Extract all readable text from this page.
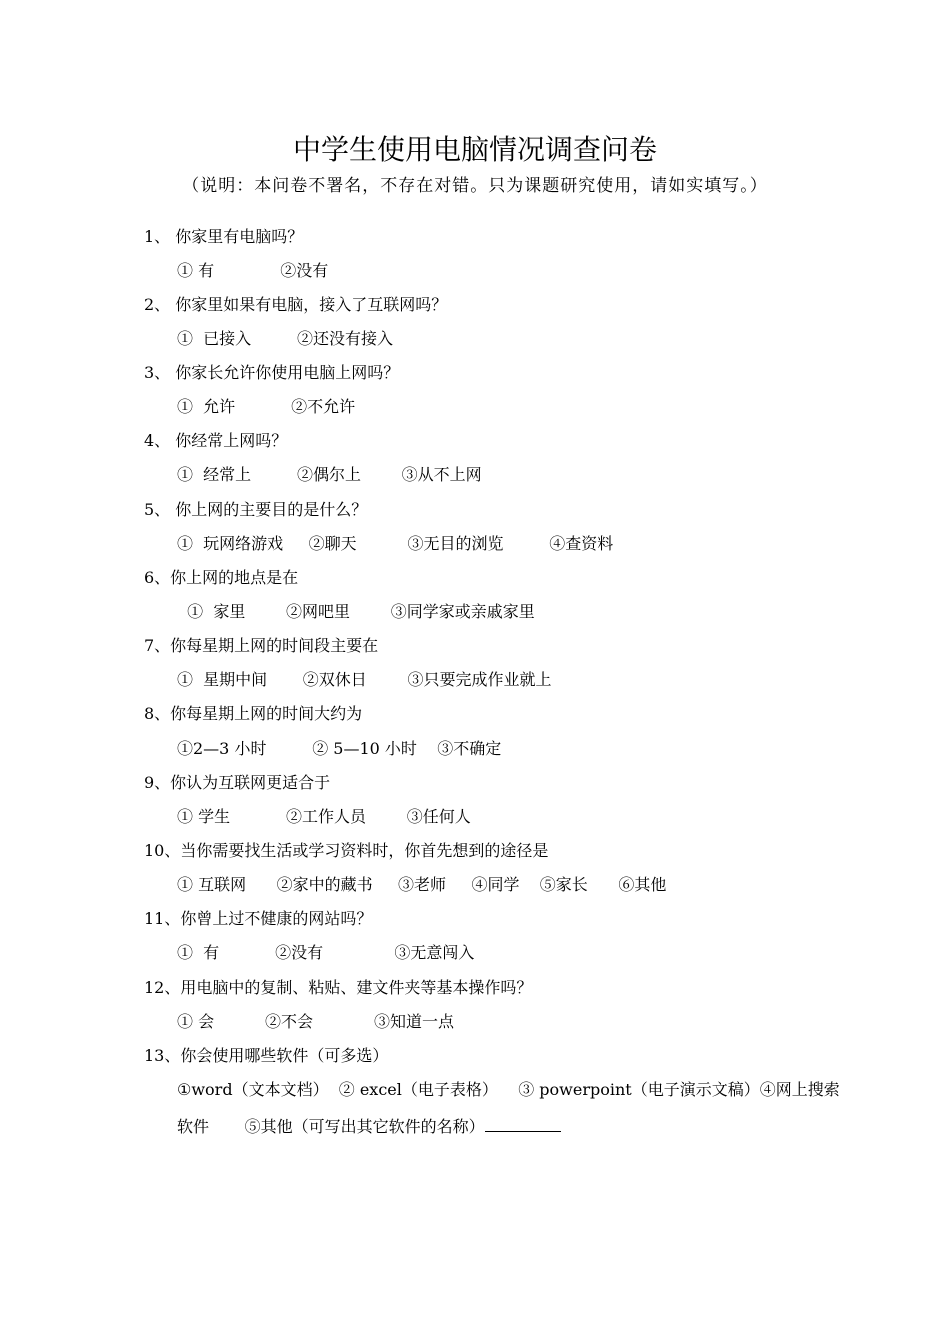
中学生使用电脑情况调查问卷
（说明：本问卷不署名，不存在对错。只为课题研究使用，请如实填写。）
1、 你家里有电脑吗？
① 有             ②没有
2、 你家里如果有电脑，接入了互联网吗？
①  已接入         ②还没有接入
3、 你家长允许你使用电脑上网吗？
①  允许           ②不允许
4、 你经常上网吗？
①  经常上         ②偶尔上        ③从不上网
5、 你上网的主要目的是什么？
①  玩网络游戏     ②聊天          ③无目的浏览         ④查资料
6、你上网的地点是在
①  家里        ②网吧里        ③同学家或亲戚家里
7、你每星期上网的时间段主要在
①  星期中间       ②双休日        ③只要完成作业就上
8、你每星期上网的时间大约为
①2—3 小时         ② 5—10 小时    ③不确定
9、你认为互联网更适合于
① 学生           ②工作人员        ③任何人
10、当你需要找生活或学习资料时，你首先想到的途径是
① 互联网      ②家中的藏书     ③老师     ④同学    ⑤家长      ⑥其他
11、你曾上过不健康的网站吗？
①  有           ②没有              ③无意闯入
12、用电脑中的复制、粘贴、建文件夹等基本操作吗？
① 会          ②不会            ③知道一点
13、你会使用哪些软件（可多选）
①word（文本文档）  ② excel（电子表格）    ③ powerpoint（电子演示文稿）④网上搜索
软件       ⑤其他（可写出其它软件的名称）
